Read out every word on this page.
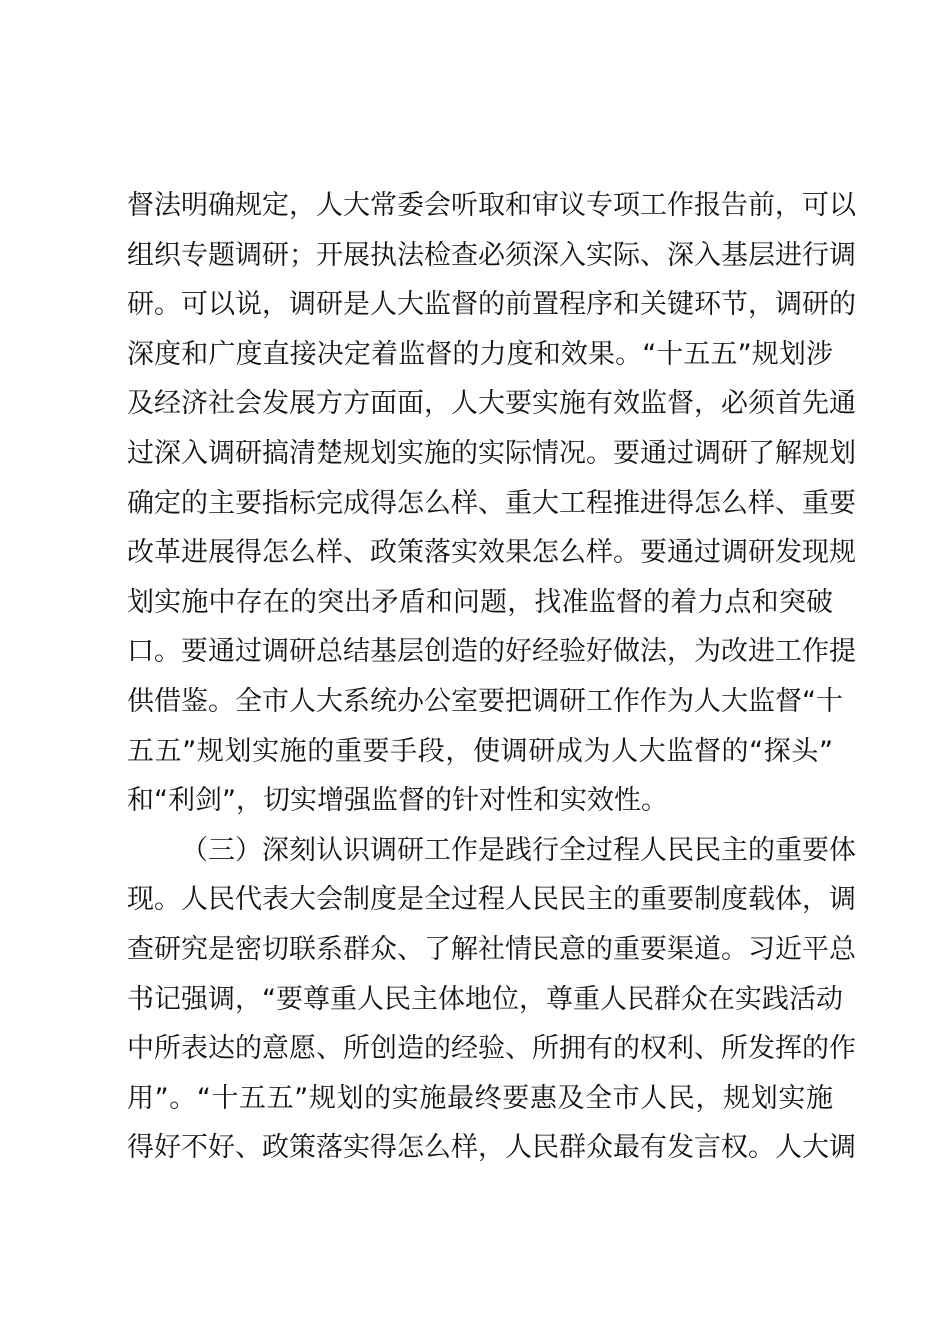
督法明确规定，人大常委会听取和审议专项工作报告前，可以
组织专题调研；开展执法检查必须深入实际、深入基层进行调
研。可以说，调研是人大监督的前置程序和关键环节，调研的
深度和广度直接决定着监督的力度和效果。“十五五”规划涉
及经济社会发展方方面面，人大要实施有效监督，必须首先通
过深入调研搞清楚规划实施的实际情况。要通过调研了解规划
确定的主要指标完成得怎么样、重大工程推进得怎么样、重要
改革进展得怎么样、政策落实效果怎么样。要通过调研发现规
划实施中存在的突出矛盾和问题，找准监督的着力点和突破
口。要通过调研总结基层创造的好经验好做法，为改进工作提
供借鉴。全市人大系统办公室要把调研工作作为人大监督“十
五五”规划实施的重要手段，使调研成为人大监督的“探头”
和“利剑”，切实增强监督的针对性和实效性。
（三）深刻认识调研工作是践行全过程人民民主的重要体
现。人民代表大会制度是全过程人民民主的重要制度载体，调
查研究是密切联系群众、了解社情民意的重要渠道。习近平总
书记强调，“要尊重人民主体地位，尊重人民群众在实践活动
中所表达的意愿、所创造的经验、所拥有的权利、所发挥的作
用”。“十五五”规划的实施最终要惠及全市人民，规划实施
得好不好、政策落实得怎么样，人民群众最有发言权。人大调
